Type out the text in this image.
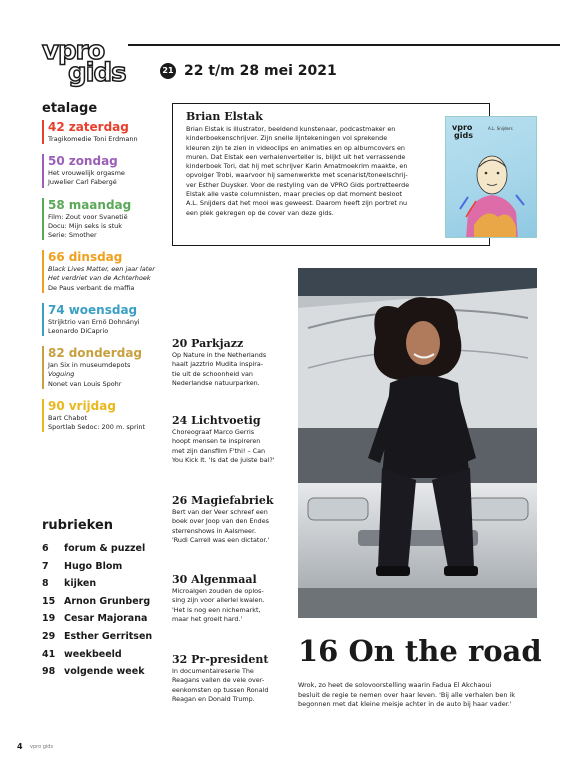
vpro
gids	21 22 t/m 28 mei 2021
etalage
42 zaterdag
Tragikomedie Toni Erdmann
50 zondag
Het vrouwelijk orgasme
Juwelier Carl Fabergé
58 maandag
Film: Zout voor Svanetië
Docu: Mijn seks is stuk
Serie: Smother
66 dinsdag
Black Lives Matter, een jaar later
Het verdriet van de Achterhoek
De Paus verbant de maffia
74 woensdag
Strijktrio van Ernö Dohnányi
Leonardo DiCaprio
82 donderdag
Jan Six in museumdepots
Voguing
Nonet van Louis Spohr
90 vrijdag
Bart Chabot
Sportlab Sedoc: 200 m. sprint
rubrieken
6	forum & puzzel
7	Hugo Blom
8	kijken
15 Arnon Grunberg
19 Cesar Majorana
29 Esther Gerritsen
41 weekbeeld
98 volgende week
Brian Elstak
Brian Elstak is illustrator, beeldend kunstenaar, podcastmaker en
kinderboekenschrijver. Zijn snelle lijntekeningen vol sprekende
kleuren zijn te zien in videoclips en animaties en op albumcovers en
muren. Dat Elstak een verhalenverteller is, blijkt uit het verrassende
kinderboek Tori, dat hij met schrijver Karin Amatmoekrim maakte, en
opvolger Trobi, waarvoor hij samenwerkte met scenarist/toneelschrij-
ver Esther Duysker. Voor de restyling van de VPRO Gids portretteerde
Elstak alle vaste columnisten, maar precies op dat moment besloot
A.L. Snijders dat het mooi was geweest. Daarom heeft zijn portret nu
een plek gekregen op de cover van deze gids.
vpro
gids
A.L. Snijders
20 Parkjazz
Op Nature in the Netherlands
haalt jazztrio Mudita inspira-
tie uit de schoonheid van
Nederlandse natuurparken.
24 Lichtvoetig
Choreograaf Marco Gerris
hoopt mensen te inspireren
met zijn dansfilm F'thi! – Can
You Kick It. 'Is dat de juiste bal?'
26 Magiefabriek
Bert van der Veer schreef een
boek over Joop van den Endes
sterrenshows in Aalsmeer.
'Rudi Carrell was een dictator.'
30 Algenmaal
Microalgen zouden de oplos-
sing zijn voor allerlei kwalen.
'Het is nog een nichemarkt,
maar het groeit hard.'
32 Pr-president
In documentaireserie The
Reagans vallen de vele over-
eenkomsten op tussen Ronald
Reagan en Donald Trump.
16 On the road
Wrok, zo heet de solovoorstelling waarin Fadua El Akchaoui
besluit de regie te nemen over haar leven. 'Bij alle verhalen ben ik
begonnen met dat kleine meisje achter in de auto bij haar vader.'
4 vpro gids
